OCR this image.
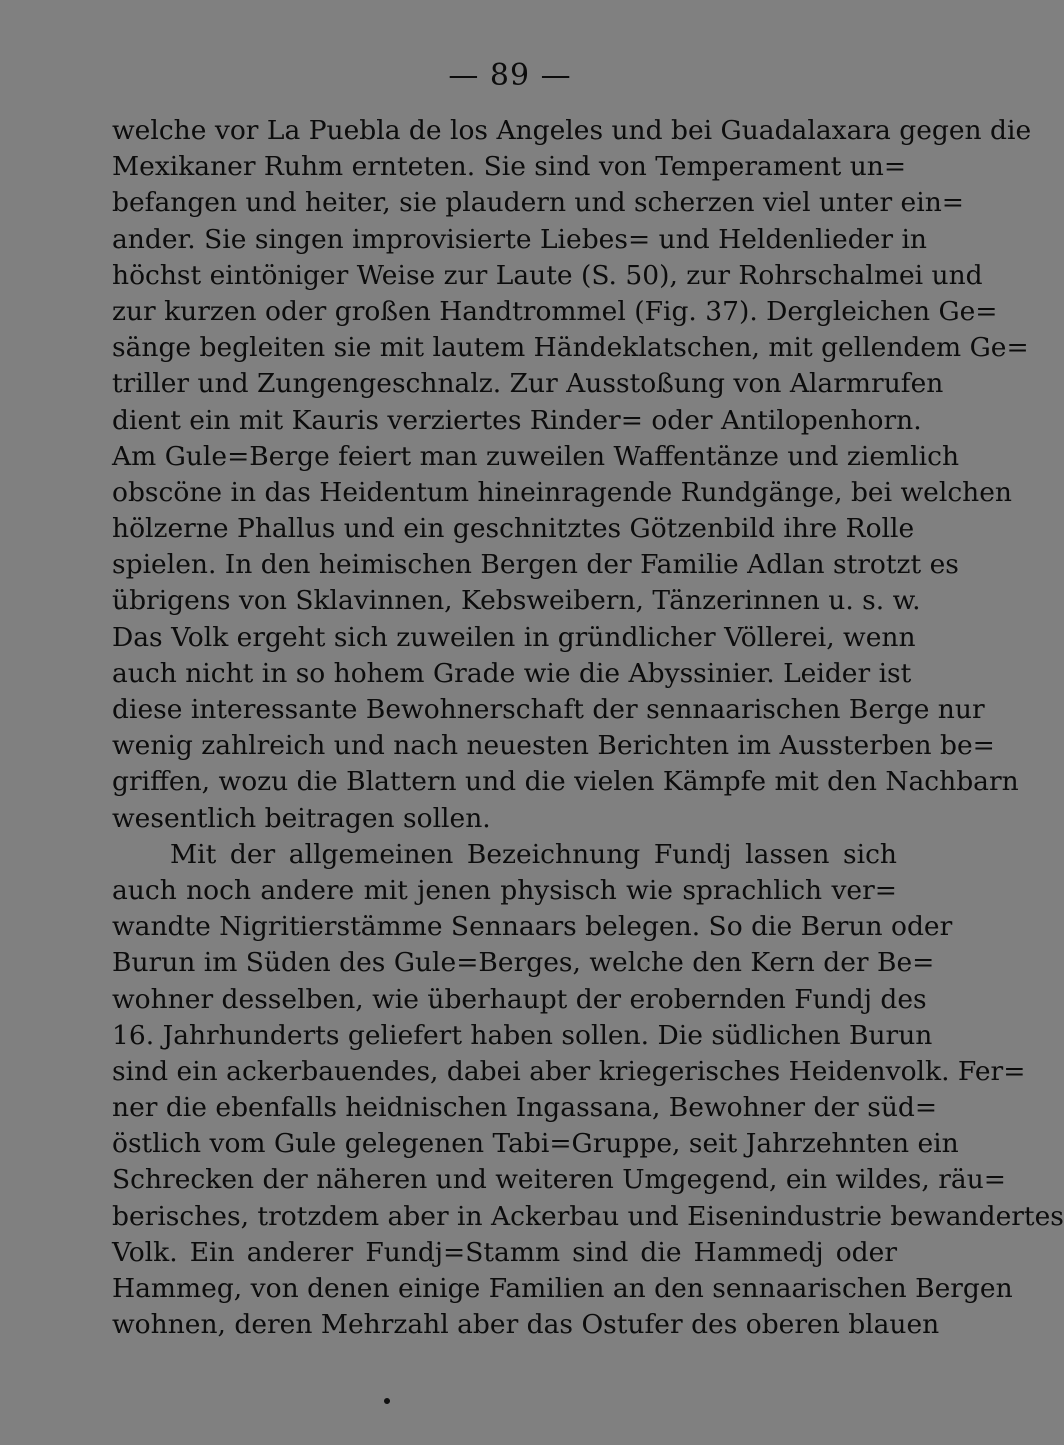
— 89 —
welche vor La Puebla de los Angeles und bei Guadalaxara gegen die
Mexikaner Ruhm ernteten. Sie sind von Temperament un=
befangen und heiter, sie plaudern und scherzen viel unter ein=
ander. Sie singen improvisierte Liebes= und Heldenlieder in
höchst eintöniger Weise zur Laute (S. 50), zur Rohrschalmei und
zur kurzen oder großen Handtrommel (Fig. 37). Dergleichen Ge=
sänge begleiten sie mit lautem Händeklatschen, mit gellendem Ge=
triller und Zungengeschnalz. Zur Ausstoßung von Alarmrufen
dient ein mit Kauris verziertes Rinder= oder Antilopenhorn.
Am Gule=Berge feiert man zuweilen Waffentänze und ziemlich
obscöne in das Heidentum hineinragende Rundgänge, bei welchen
hölzerne Phallus und ein geschnitztes Götzenbild ihre Rolle
spielen. In den heimischen Bergen der Familie Adlan strotzt es
übrigens von Sklavinnen, Kebsweibern, Tänzerinnen u. s. w.
Das Volk ergeht sich zuweilen in gründlicher Völlerei, wenn
auch nicht in so hohem Grade wie die Abyssinier. Leider ist
diese interessante Bewohnerschaft der sennaarischen Berge nur
wenig zahlreich und nach neuesten Berichten im Aussterben be=
griffen, wozu die Blattern und die vielen Kämpfe mit den Nachbarn
wesentlich beitragen sollen.
Mit der allgemeinen Bezeichnung Fundj lassen sich
auch noch andere mit jenen physisch wie sprachlich ver=
wandte Nigritierstämme Sennaars belegen. So die Berun oder
Burun im Süden des Gule=Berges, welche den Kern der Be=
wohner desselben, wie überhaupt der erobernden Fundj des
16. Jahrhunderts geliefert haben sollen. Die südlichen Burun
sind ein ackerbauendes, dabei aber kriegerisches Heidenvolk. Fer=
ner die ebenfalls heidnischen Ingassana, Bewohner der süd=
östlich vom Gule gelegenen Tabi=Gruppe, seit Jahrzehnten ein
Schrecken der näheren und weiteren Umgegend, ein wildes, räu=
berisches, trotzdem aber in Ackerbau und Eisenindustrie bewandertes
Volk. Ein anderer Fundj=Stamm sind die Hammedj oder
Hammeg, von denen einige Familien an den sennaarischen Bergen
wohnen, deren Mehrzahl aber das Ostufer des oberen blauen
